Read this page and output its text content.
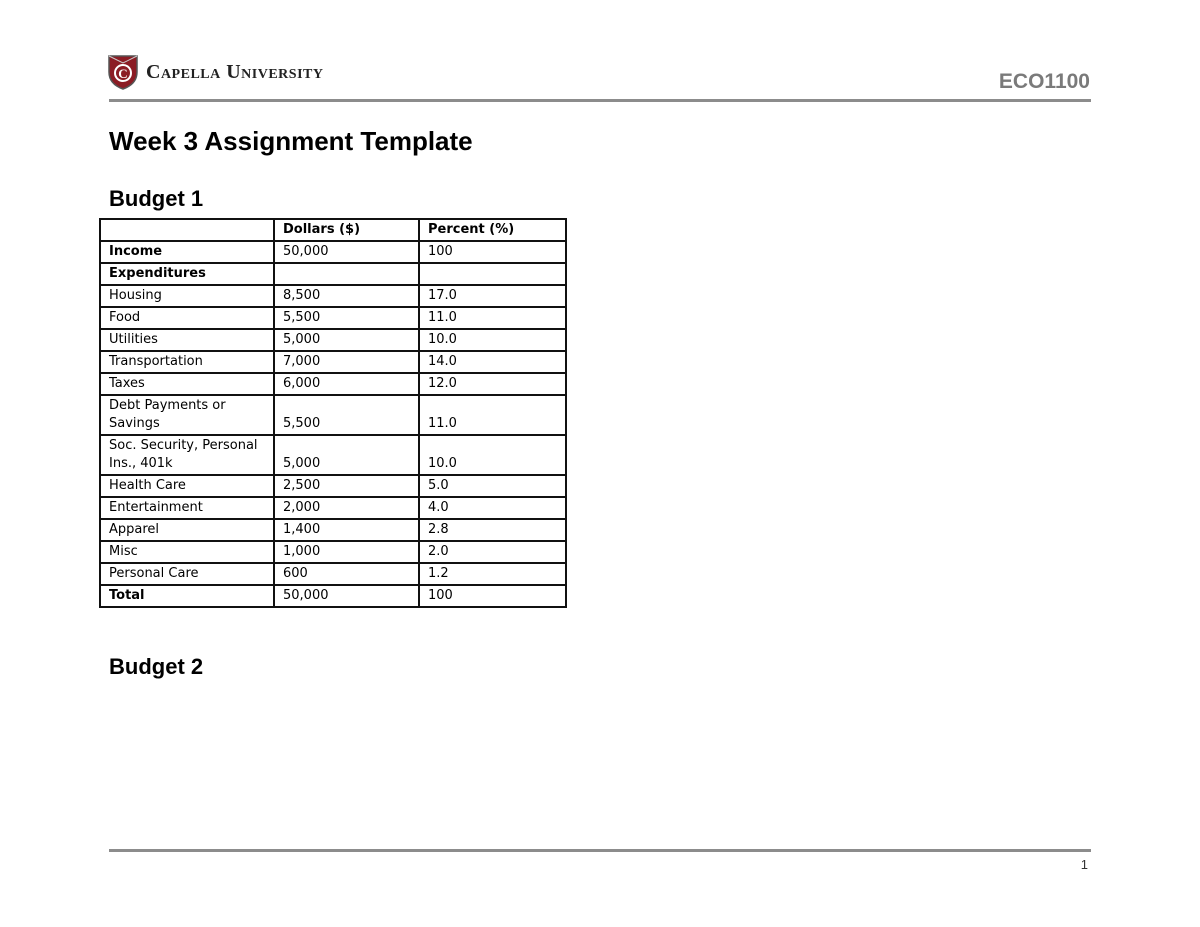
C Capella University	ECO1100
Week 3 Assignment Template
Budget 1
	Dollars ($)	Percent (%)
Income	50,000	100
Expenditures		
Housing	8,500	17.0
Food	5,500	11.0
Utilities	5,000	10.0
Transportation	7,000	14.0
Taxes	6,000	12.0
Debt Payments or Savings	5,500	11.0
Soc. Security, Personal Ins., 401k	5,000	10.0
Health Care	2,500	5.0
Entertainment	2,000	4.0
Apparel	1,400	2.8
Misc	1,000	2.0
Personal Care	600	1.2
Total	50,000	100
Budget 2
1
